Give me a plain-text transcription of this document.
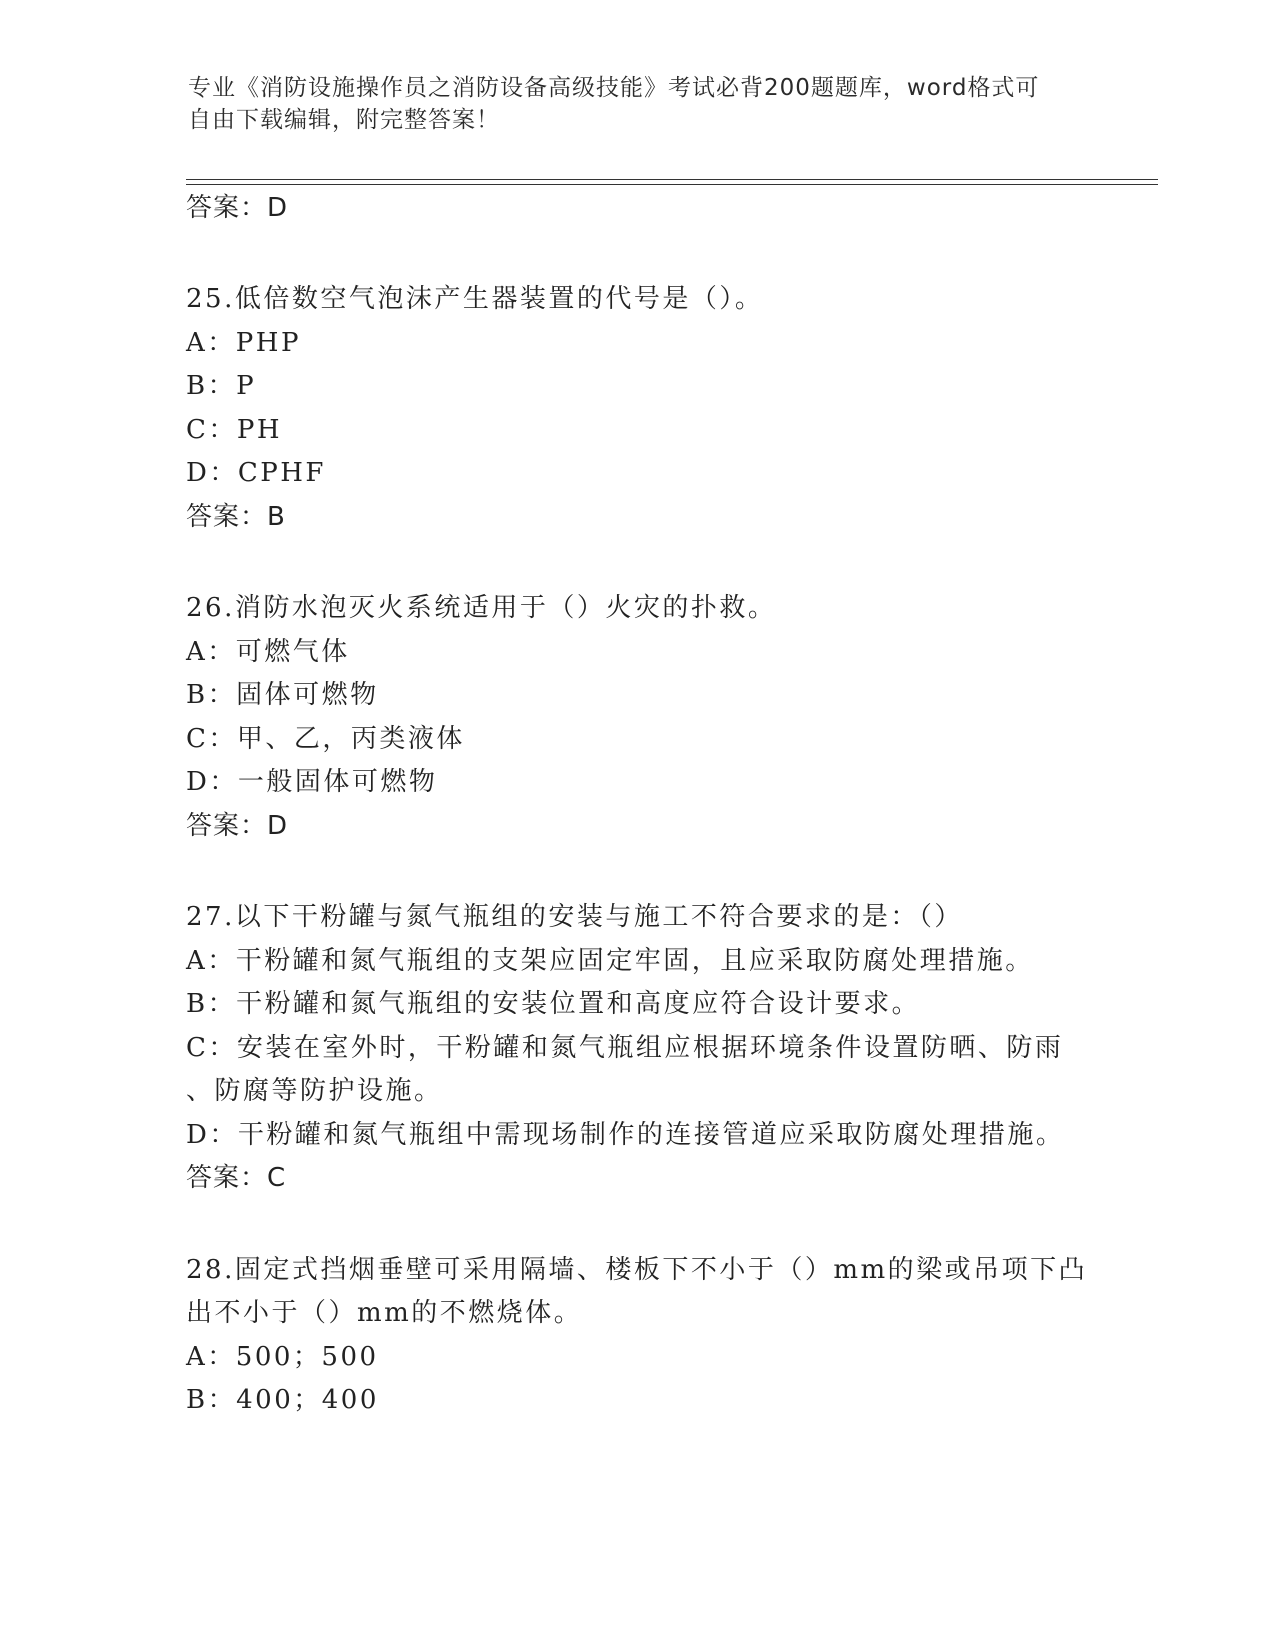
专业《消防设施操作员之消防设备高级技能》考试必背200题题库，word格式可
自由下载编辑，附完整答案！
答案：D
25.低倍数空气泡沫产生器装置的代号是（）。
A：PHP
B：P
C：PH
D：CPHF
答案：B
26.消防水泡灭火系统适用于（）火灾的扑救。
A：可燃气体
B：固体可燃物
C：甲、乙，丙类液体
D：一般固体可燃物
答案：D
27.以下干粉罐与氮气瓶组的安装与施工不符合要求的是：（）
A：干粉罐和氮气瓶组的支架应固定牢固，且应采取防腐处理措施。
B：干粉罐和氮气瓶组的安装位置和高度应符合设计要求。
C：安装在室外时，干粉罐和氮气瓶组应根据环境条件设置防晒、防雨
、防腐等防护设施。
D：干粉罐和氮气瓶组中需现场制作的连接管道应采取防腐处理措施。
答案：C
28.固定式挡烟垂壁可采用隔墙、楼板下不小于（）mm的梁或吊项下凸
出不小于（）mm的不燃烧体。
A：500；500
B：400；400
